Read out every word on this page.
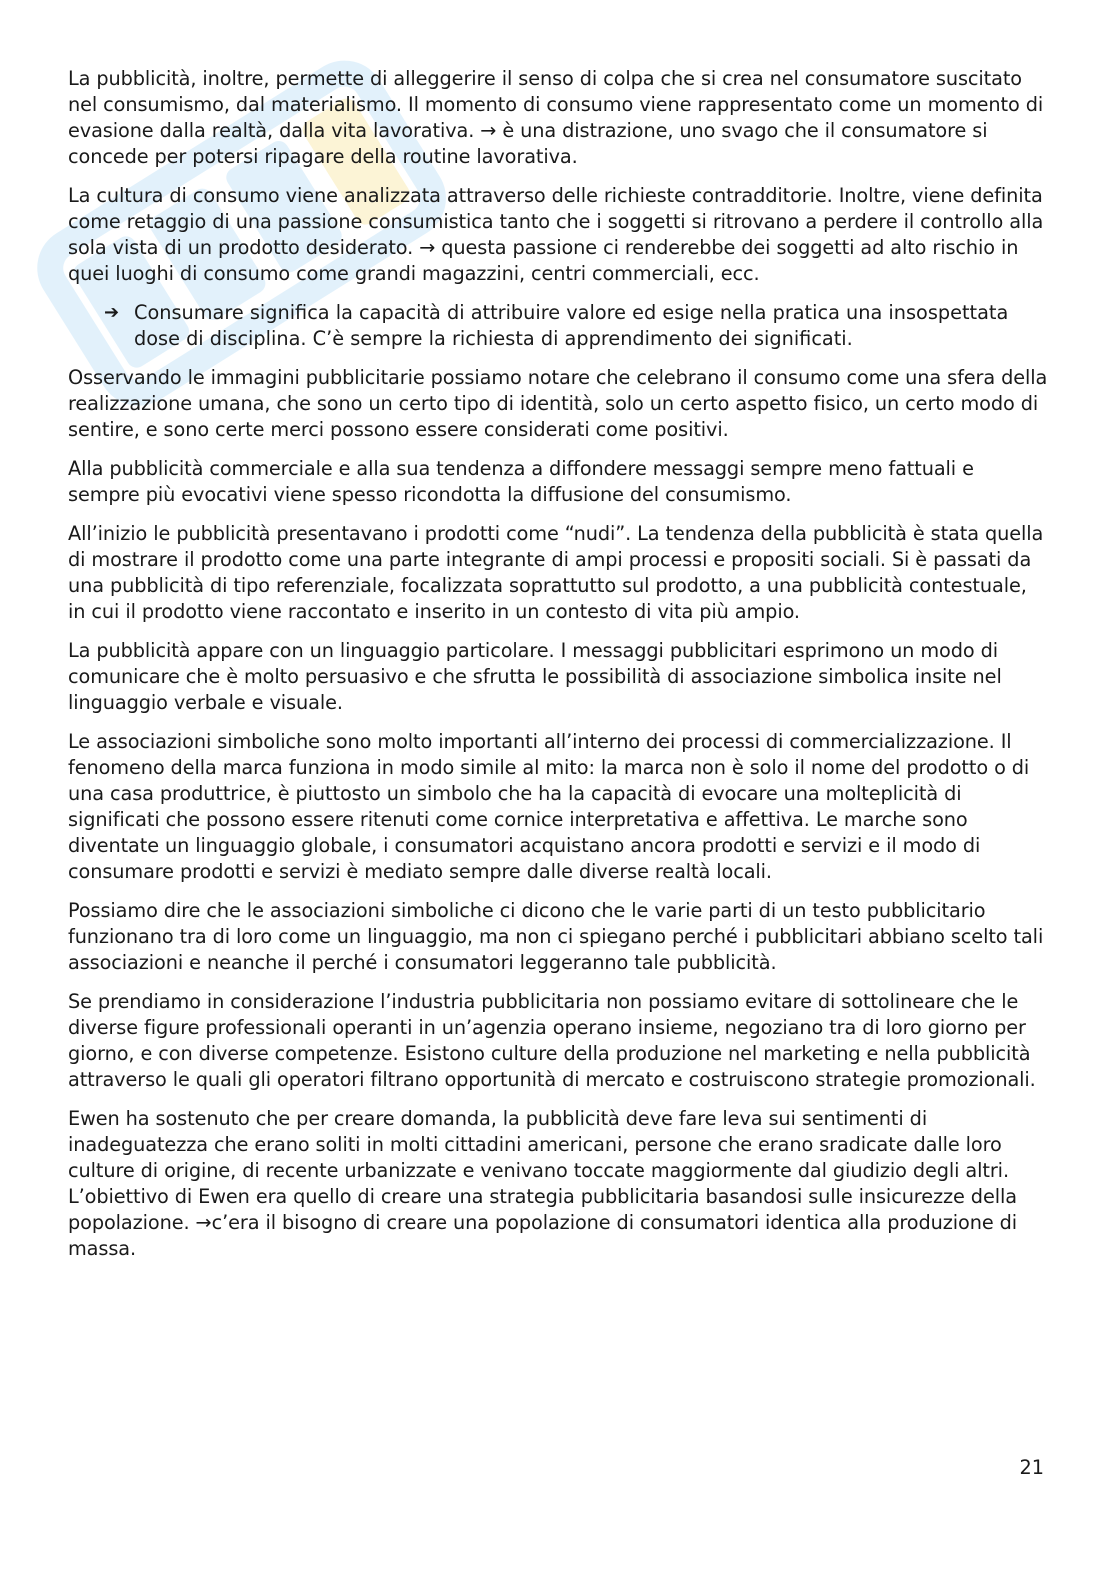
La pubblicità, inoltre, permette di alleggerire il senso di colpa che si crea nel consumatore suscitato nel consumismo, dal materialismo. Il momento di consumo viene rappresentato come un momento di evasione dalla realtà, dalla vita lavorativa. → è una distrazione, uno svago che il consumatore si concede per potersi ripagare della routine lavorativa.

La cultura di consumo viene analizzata attraverso delle richieste contradditorie. Inoltre, viene definita come retaggio di una passione consumistica tanto che i soggetti si ritrovano a perdere il controllo alla sola vista di un prodotto desiderato. → questa passione ci renderebbe dei soggetti ad alto rischio in quei luoghi di consumo come grandi magazzini, centri commerciali, ecc.

➔ Consumare significa la capacità di attribuire valore ed esige nella pratica una insospettata dose di disciplina. C’è sempre la richiesta di apprendimento dei significati.

Osservando le immagini pubblicitarie possiamo notare che celebrano il consumo come una sfera della realizzazione umana, che sono un certo tipo di identità, solo un certo aspetto fisico, un certo modo di sentire, e sono certe merci possono essere considerati come positivi.

Alla pubblicità commerciale e alla sua tendenza a diffondere messaggi sempre meno fattuali e sempre più evocativi viene spesso ricondotta la diffusione del consumismo.

All’inizio le pubblicità presentavano i prodotti come “nudi”. La tendenza della pubblicità è stata quella di mostrare il prodotto come una parte integrante di ampi processi e propositi sociali. Si è passati da una pubblicità di tipo referenziale, focalizzata soprattutto sul prodotto, a una pubblicità contestuale, in cui il prodotto viene raccontato e inserito in un contesto di vita più ampio.

La pubblicità appare con un linguaggio particolare. I messaggi pubblicitari esprimono un modo di comunicare che è molto persuasivo e che sfrutta le possibilità di associazione simbolica insite nel linguaggio verbale e visuale.

Le associazioni simboliche sono molto importanti all’interno dei processi di commercializzazione. Il fenomeno della marca funziona in modo simile al mito: la marca non è solo il nome del prodotto o di una casa produttrice, è piuttosto un simbolo che ha la capacità di evocare una molteplicità di significati che possono essere ritenuti come cornice interpretativa e affettiva. Le marche sono diventate un linguaggio globale, i consumatori acquistano ancora prodotti e servizi e il modo di consumare prodotti e servizi è mediato sempre dalle diverse realtà locali.

Possiamo dire che le associazioni simboliche ci dicono che le varie parti di un testo pubblicitario funzionano tra di loro come un linguaggio, ma non ci spiegano perché i pubblicitari abbiano scelto tali associazioni e neanche il perché i consumatori leggeranno tale pubblicità.

Se prendiamo in considerazione l’industria pubblicitaria non possiamo evitare di sottolineare che le diverse figure professionali operanti in un’agenzia operano insieme, negoziano tra di loro giorno per giorno, e con diverse competenze. Esistono culture della produzione nel marketing e nella pubblicità attraverso le quali gli operatori filtrano opportunità di mercato e costruiscono strategie promozionali.

Ewen ha sostenuto che per creare domanda, la pubblicità deve fare leva sui sentimenti di inadeguatezza che erano soliti in molti cittadini americani, persone che erano sradicate dalle loro culture di origine, di recente urbanizzate e venivano toccate maggiormente dal giudizio degli altri. L’obiettivo di Ewen era quello di creare una strategia pubblicitaria basandosi sulle insicurezze della popolazione. →c’era il bisogno di creare una popolazione di consumatori identica alla produzione di massa.

21
